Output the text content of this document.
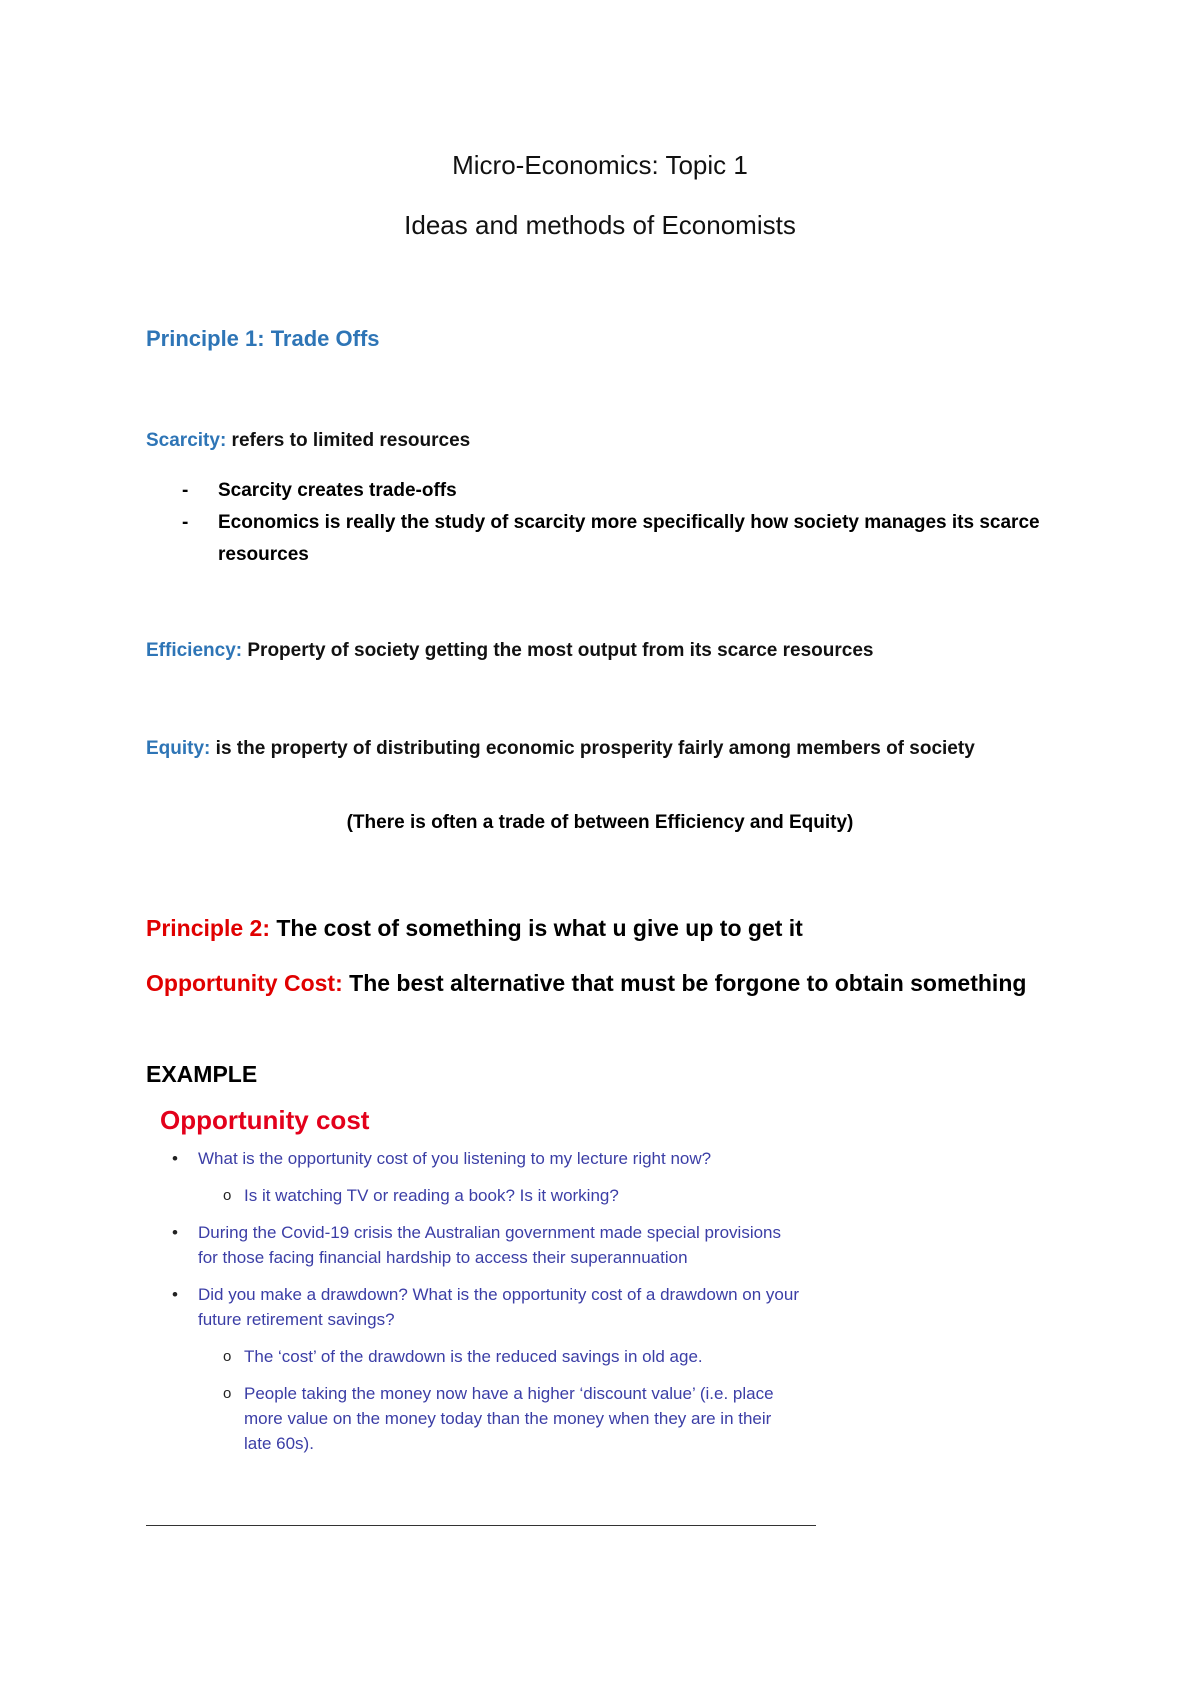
Micro-Economics: Topic 1
Ideas and methods of Economists
Principle 1: Trade Offs
Scarcity: refers to limited resources
- Scarcity creates trade-offs
- Economics is really the study of scarcity more specifically how society manages its scarce resources
Efficiency: Property of society getting the most output from its scarce resources
Equity: is the property of distributing economic prosperity fairly among members of society
(There is often a trade of between Efficiency and Equity)
Principle 2: The cost of something is what u give up to get it
Opportunity Cost: The best alternative that must be forgone to obtain something
EXAMPLE
Opportunity cost
• What is the opportunity cost of you listening to my lecture right now?
o Is it watching TV or reading a book? Is it working?
• During the Covid-19 crisis the Australian government made special provisions for those facing financial hardship to access their superannuation
• Did you make a drawdown? What is the opportunity cost of a drawdown on your future retirement savings?
o The ‘cost’ of the drawdown is the reduced savings in old age.
o People taking the money now have a higher ‘discount value’ (i.e. place more value on the money today than the money when they are in their late 60s).
